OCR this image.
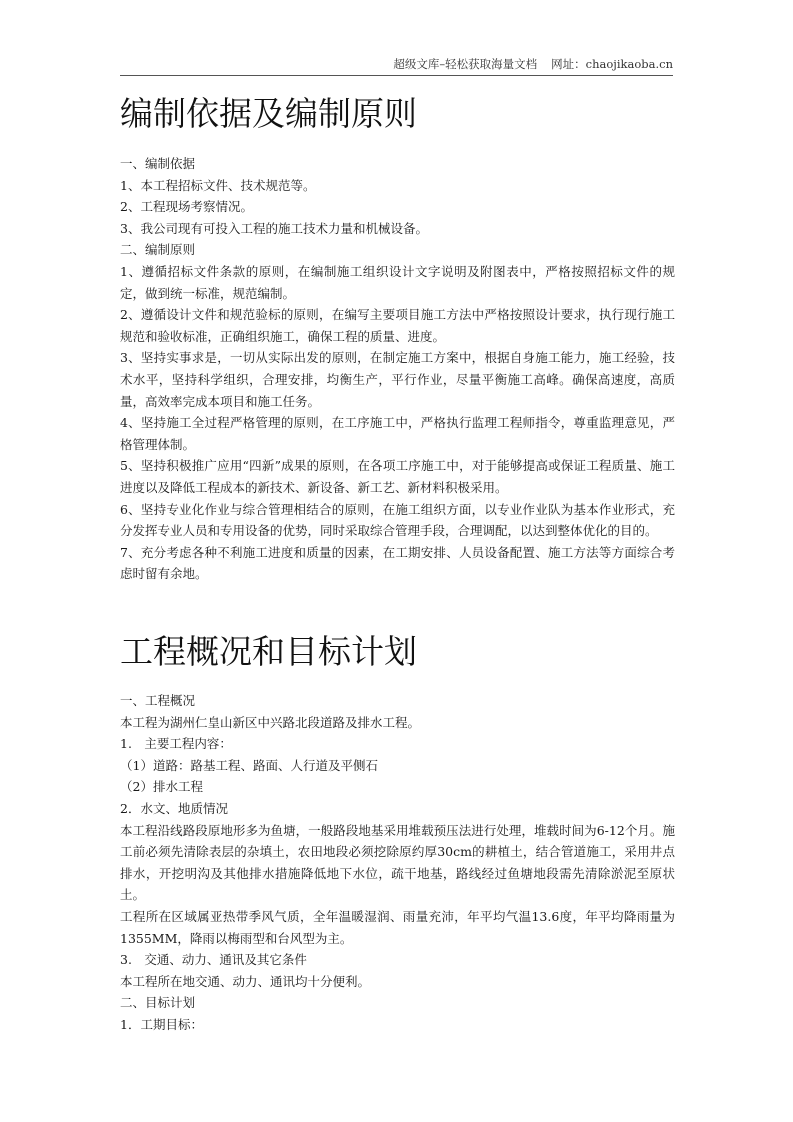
超级文库–轻松获取海量文档 网址：chaojikaoba.cn
编制依据及编制原则

一、编制依据

1、本工程招标文件、技术规范等。

2、工程现场考察情况。

3、我公司现有可投入工程的施工技术力量和机械设备。

二、编制原则

1、遵循招标文件条款的原则，在编制施工组织设计文字说明及附图表中，严格按照招标文件的规定，做到统一标准，规范编制。

2、遵循设计文件和规范验标的原则，在编写主要项目施工方法中严格按照设计要求，执行现行施工规范和验收标准，正确组织施工，确保工程的质量、进度。

3、坚持实事求是，一切从实际出发的原则，在制定施工方案中，根据自身施工能力，施工经验，技术水平，坚持科学组织，合理安排，均衡生产，平行作业，尽量平衡施工高峰。确保高速度，高质量，高效率完成本项目和施工任务。

4、坚持施工全过程严格管理的原则，在工序施工中，严格执行监理工程师指令，尊重监理意见，严格管理体制。

5、坚持积极推广应用“四新”成果的原则，在各项工序施工中，对于能够提高或保证工程质量、施工进度以及降低工程成本的新技术、新设备、新工艺、新材料积极采用。

6、坚持专业化作业与综合管理相结合的原则，在施工组织方面，以专业作业队为基本作业形式，充分发挥专业人员和专用设备的优势，同时采取综合管理手段，合理调配，以达到整体优化的目的。

7、充分考虑各种不利施工进度和质量的因素，在工期安排、人员设备配置、施工方法等方面综合考虑时留有余地。

工程概况和目标计划

一、工程概况

本工程为湖州仁皇山新区中兴路北段道路及排水工程。

1.　主要工程内容：

（1）道路：路基工程、路面、人行道及平侧石

（2）排水工程

2．水文、地质情况

本工程沿线路段原地形多为鱼塘，一般路段地基采用堆载预压法进行处理，堆载时间为6-12个月。施工前必须先清除表层的杂填土，农田地段必须挖除原约厚30cm的耕植土，结合管道施工，采用井点排水，开挖明沟及其他排水措施降低地下水位，疏干地基，路线经过鱼塘地段需先清除淤泥至原状土。

工程所在区域属亚热带季风气质，全年温暖湿润、雨量充沛，年平均气温13.6度，年平均降雨量为1355MM，降雨以梅雨型和台风型为主。

3.　交通、动力、通讯及其它条件

本工程所在地交通、动力、通讯均十分便利。

二、目标计划

1．工期目标：
